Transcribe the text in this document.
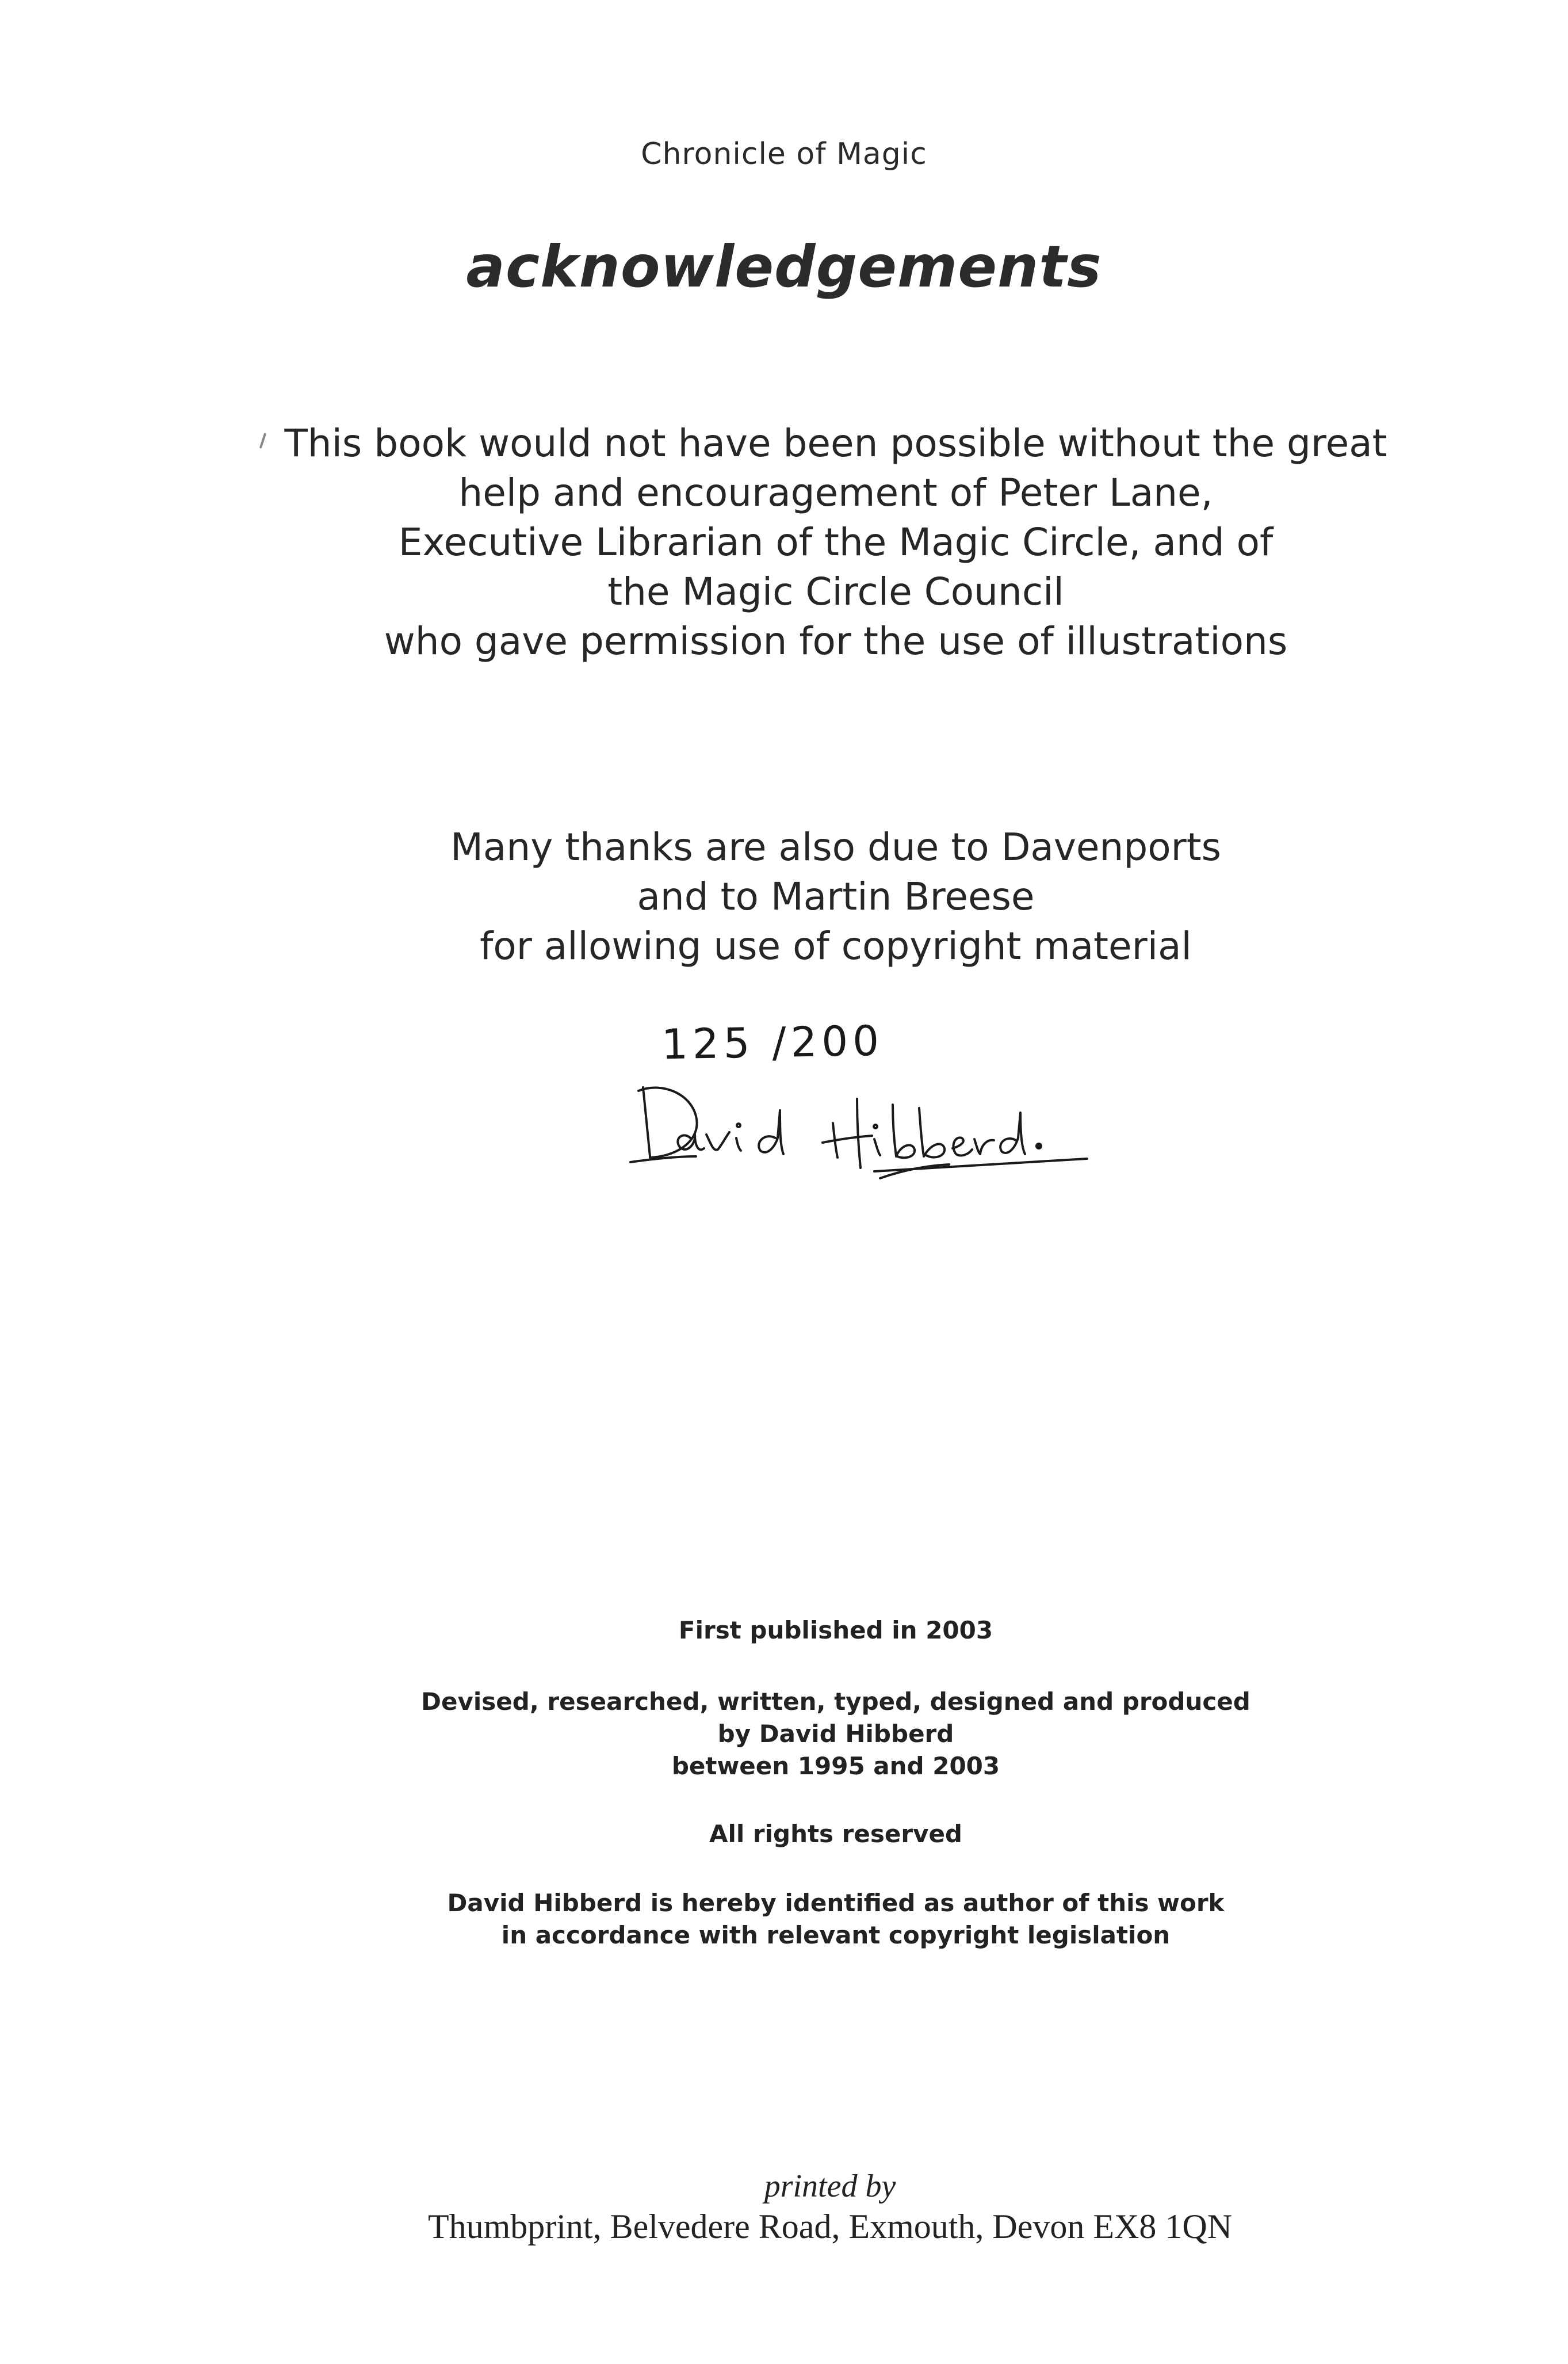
Chronicle of Magic

acknowledgements
This book would not have been possible without the great
help and encouragement of Peter Lane,
Executive Librarian of the Magic Circle, and of
the Magic Circle Council
who gave permission for the use of illustrations
Many thanks are also due to Davenports
and to Martin Breese
for allowing use of copyright material
125 /200

First published in 2003

Devised, researched, written, typed, designed and produced
by David Hibberd
between 1995 and 2003

All rights reserved

David Hibberd is hereby identified as author of this work
in accordance with relevant copyright legislation

printed by

Thumbprint, Belvedere Road, Exmouth, Devon EX8 1QN
